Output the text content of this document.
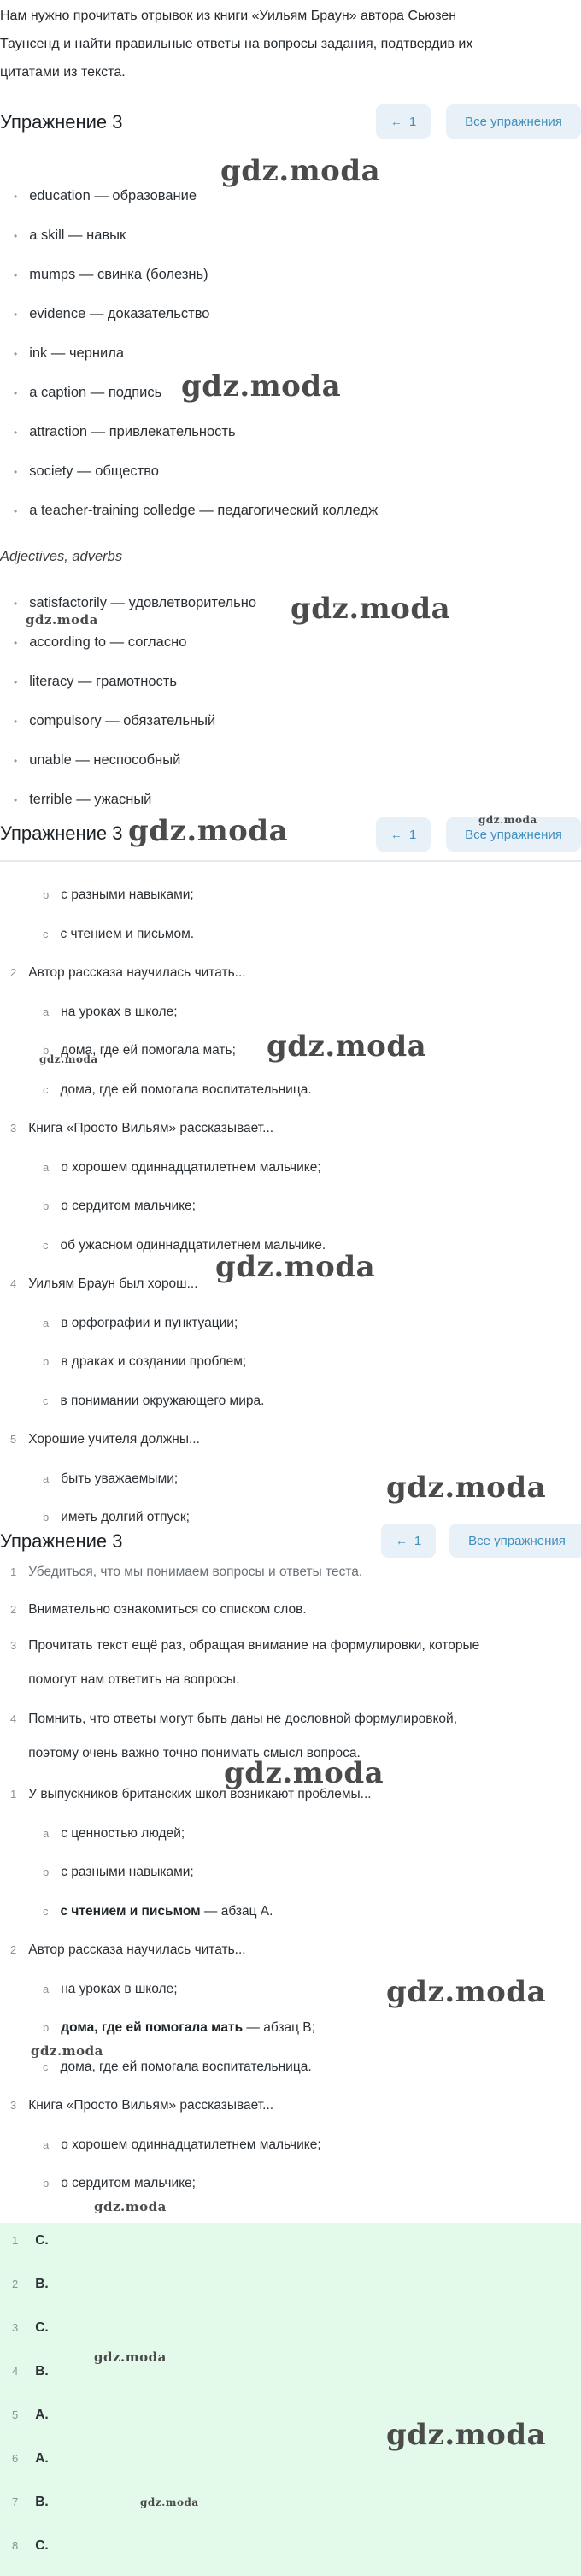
Нам нужно прочитать отрывок из книги «Уильям Браун» автора Сьюзен
Таунсенд и найти правильные ответы на вопросы задания, подтвердив их
цитатами из текста.
Упражнение 3	← 1	Все упражнения
• education — образование
• a skill — навык
• mumps — свинка (болезнь)
• evidence — доказательство
• ink — чернила
• a caption — подпись
• attraction — привлекательность
• society — общество
• a teacher-training colledge — педагогический колледж
Adjectives, adverbs
• satisfactorily — удовлетворительно
• according to — согласно
• literacy — грамотность
• compulsory — обязательный
• unable — неспособный
• terrible — ужасный
Упражнение 3	← 1	Все упражнения
b с разными навыками;
c с чтением и письмом.
2 Автор рассказа научилась читать...
a на уроках в школе;
b дома, где ей помогала мать;
c дома, где ей помогала воспитательница.
3 Книга «Просто Вильям» рассказывает...
a о хорошем одиннадцатилетнем мальчике;
b о сердитом мальчике;
c об ужасном одиннадцатилетнем мальчике.
4 Уильям Браун был хорош...
a в орфографии и пунктуации;
b в драках и создании проблем;
c в понимании окружающего мира.
5 Хорошие учителя должны...
a быть уважаемыми;
b иметь долгий отпуск;
Упражнение 3	← 1	Все упражнения
1 Убедиться, что мы понимаем вопросы и ответы теста.
2 Внимательно ознакомиться со списком слов.
3 Прочитать текст ещё раз, обращая внимание на формулировки, которые
помогут нам ответить на вопросы.
4 Помнить, что ответы могут быть даны не дословной формулировкой,
поэтому очень важно точно понимать смысл вопроса.
1 У выпускников британских школ возникают проблемы...
a с ценностью людей;
b с разными навыками;
c с чтением и письмом — абзац А.
2 Автор рассказа научилась читать...
a на уроках в школе;
b дома, где ей помогала мать — абзац B;
c дома, где ей помогала воспитательница.
3 Книга «Просто Вильям» рассказывает...
a о хорошем одиннадцатилетнем мальчике;
b о сердитом мальчике;
1 C.
2 B.
3 C.
4 B.
5 A.
6 A.
7 B.
8 C.
gdz.moda
gdz.moda
gdz.moda
gdz.moda
gdz.moda	gdz.moda
gdz.moda
gdz.moda
gdz.moda
gdz.moda
gdz.moda
gdz.moda
gdz.moda
gdz.moda
gdz.moda
gdz.moda
gdz.moda
